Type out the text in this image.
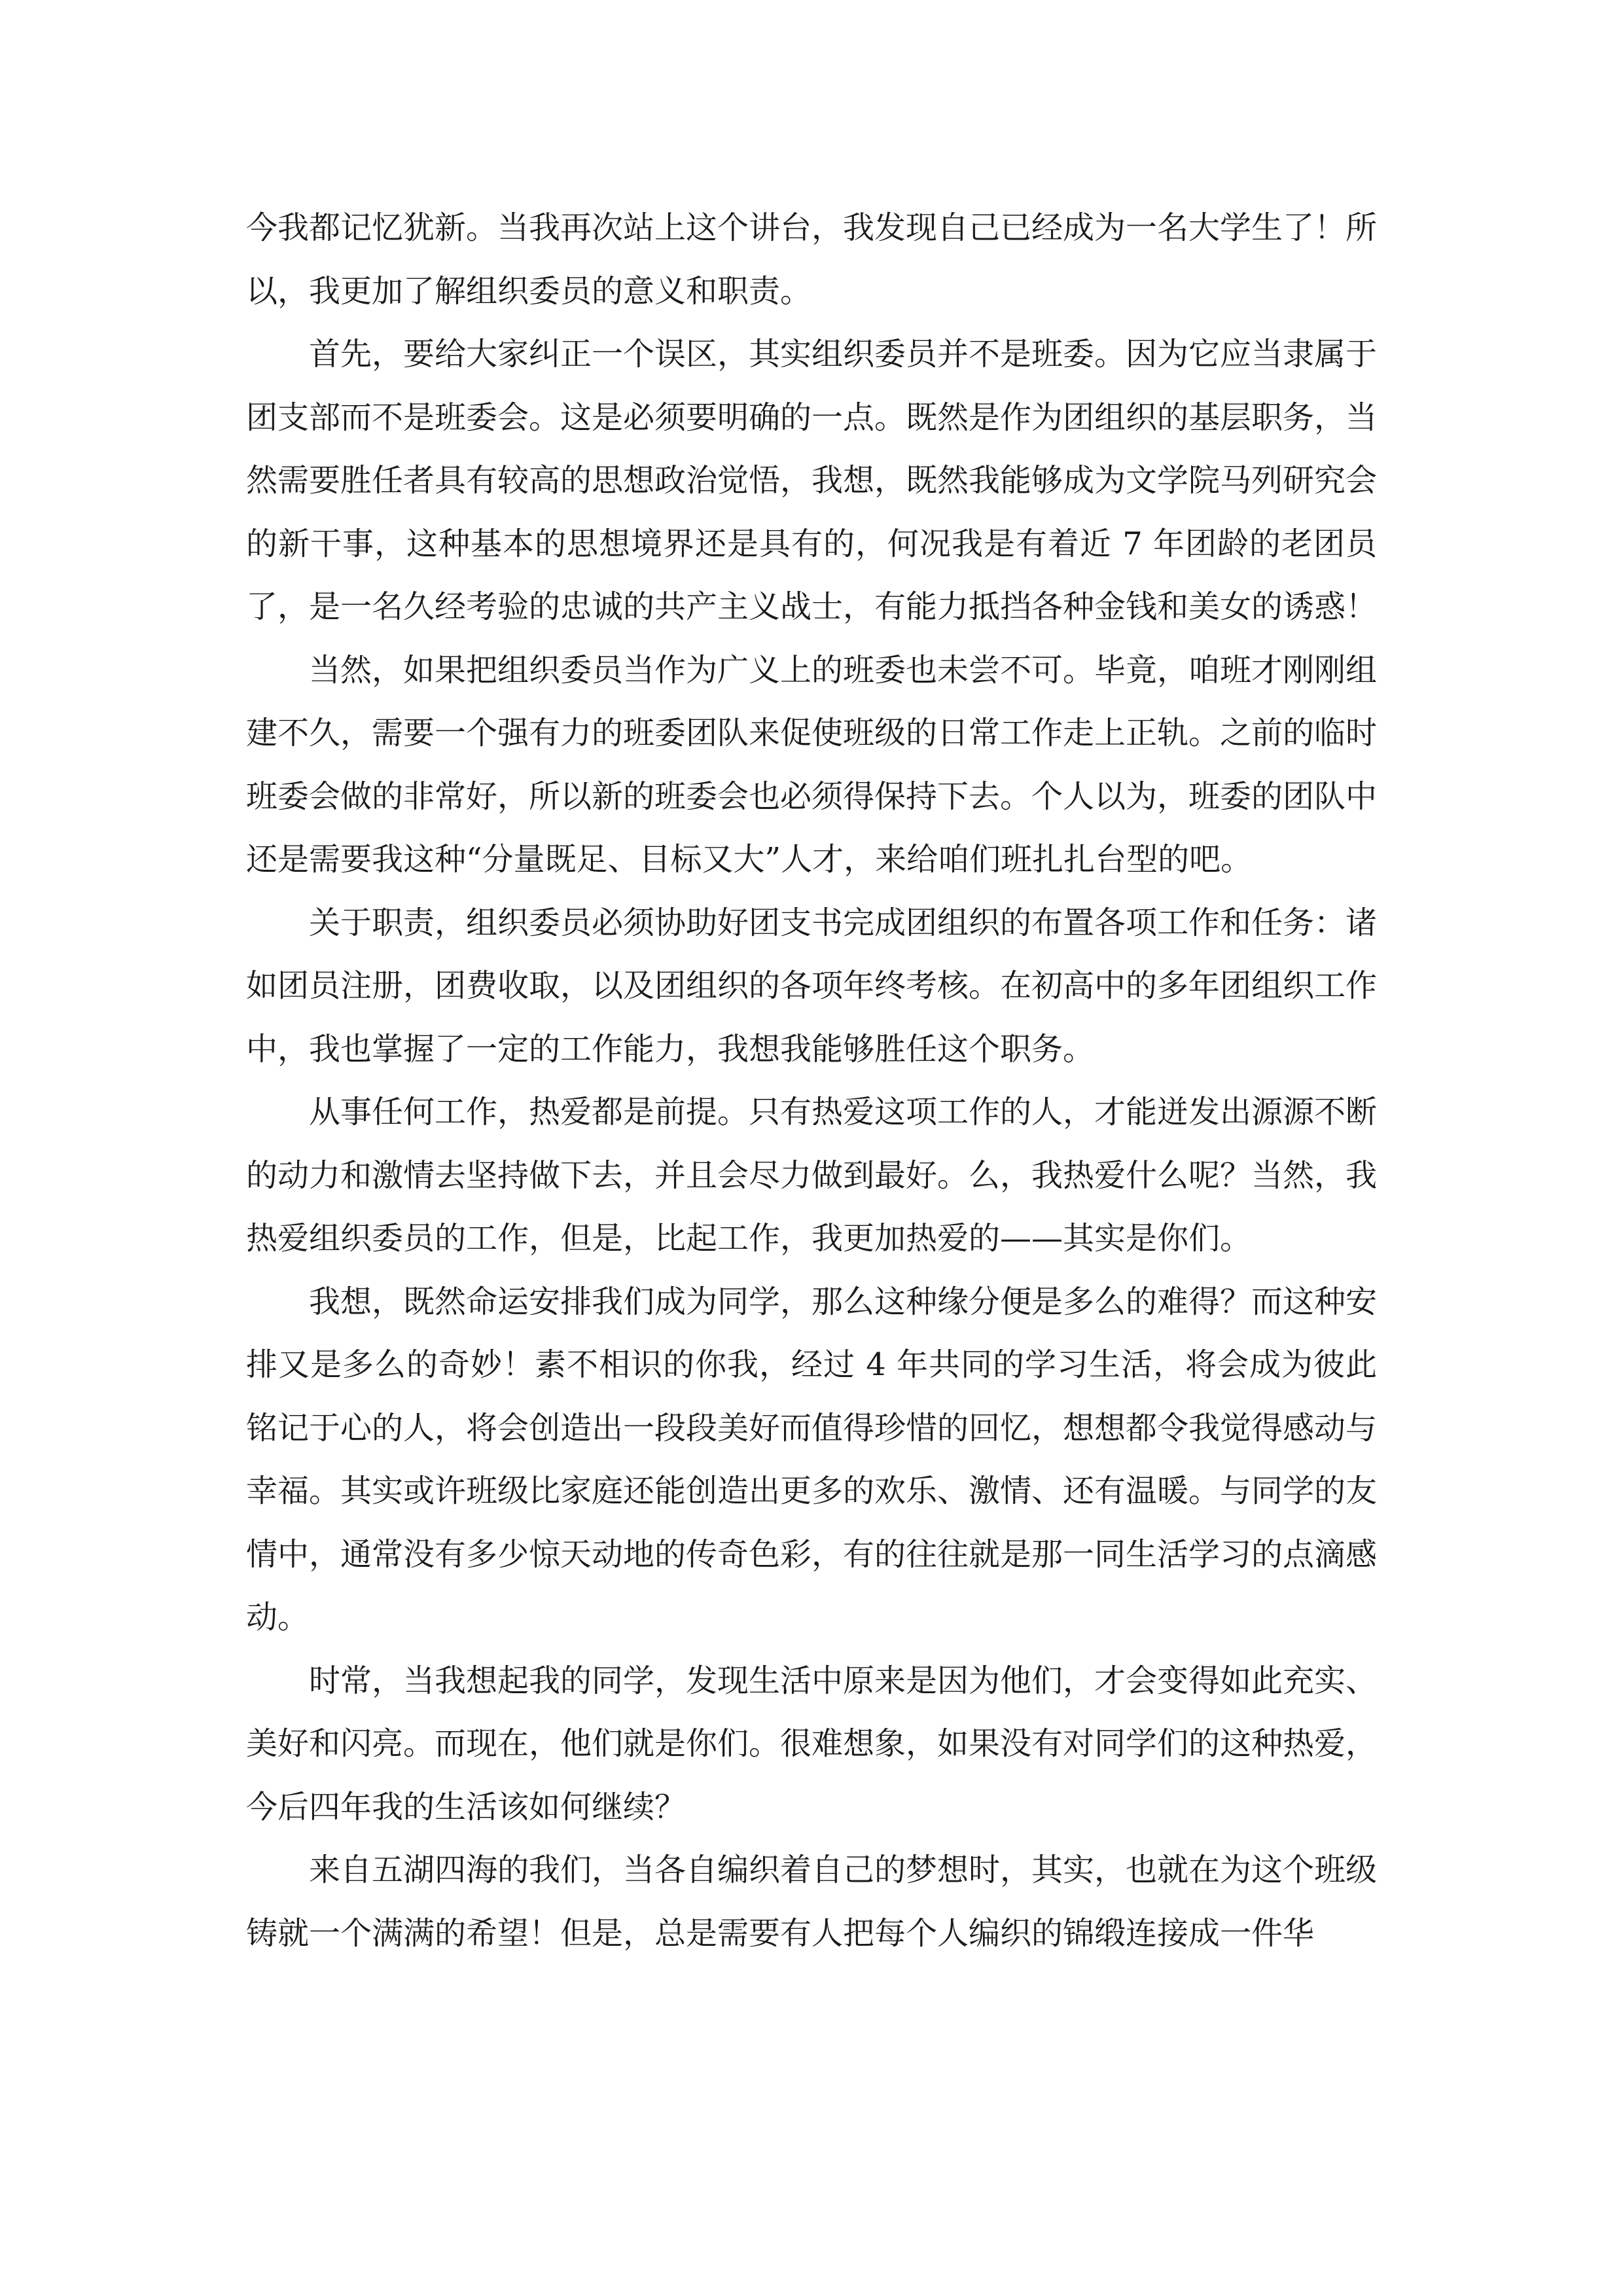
今我都记忆犹新。当我再次站上这个讲台，我发现自己已经成为一名大学生了！所以，我更加了解组织委员的意义和职责。

首先，要给大家纠正一个误区，其实组织委员并不是班委。因为它应当隶属于团支部而不是班委会。这是必须要明确的一点。既然是作为团组织的基层职务，当然需要胜任者具有较高的思想政治觉悟，我想，既然我能够成为文学院马列研究会的新干事，这种基本的思想境界还是具有的，何况我是有着近 7 年团龄的老团员了，是一名久经考验的忠诚的共产主义战士，有能力抵挡各种金钱和美女的诱惑！

当然，如果把组织委员当作为广义上的班委也未尝不可。毕竟，咱班才刚刚组建不久，需要一个强有力的班委团队来促使班级的日常工作走上正轨。之前的临时班委会做的非常好，所以新的班委会也必须得保持下去。个人以为，班委的团队中还是需要我这种“分量既足、目标又大”人才，来给咱们班扎扎台型的吧。

关于职责，组织委员必须协助好团支书完成团组织的布置各项工作和任务：诸如团员注册，团费收取，以及团组织的各项年终考核。在初高中的多年团组织工作中，我也掌握了一定的工作能力，我想我能够胜任这个职务。

从事任何工作，热爱都是前提。只有热爱这项工作的人，才能迸发出源源不断的动力和激情去坚持做下去，并且会尽力做到最好。么，我热爱什么呢？当然，我热爱组织委员的工作，但是，比起工作，我更加热爱的——其实是你们。

我想，既然命运安排我们成为同学，那么这种缘分便是多么的难得？而这种安排又是多么的奇妙！素不相识的你我，经过 4 年共同的学习生活，将会成为彼此铭记于心的人，将会创造出一段段美好而值得珍惜的回忆，想想都令我觉得感动与幸福。其实或许班级比家庭还能创造出更多的欢乐、激情、还有温暖。与同学的友情中，通常没有多少惊天动地的传奇色彩，有的往往就是那一同生活学习的点滴感动。

时常，当我想起我的同学，发现生活中原来是因为他们，才会变得如此充实、美好和闪亮。而现在，他们就是你们。很难想象，如果没有对同学们的这种热爱，今后四年我的生活该如何继续？

来自五湖四海的我们，当各自编织着自己的梦想时，其实，也就在为这个班级铸就一个满满的希望！但是，总是需要有人把每个人编织的锦缎连接成一件华
